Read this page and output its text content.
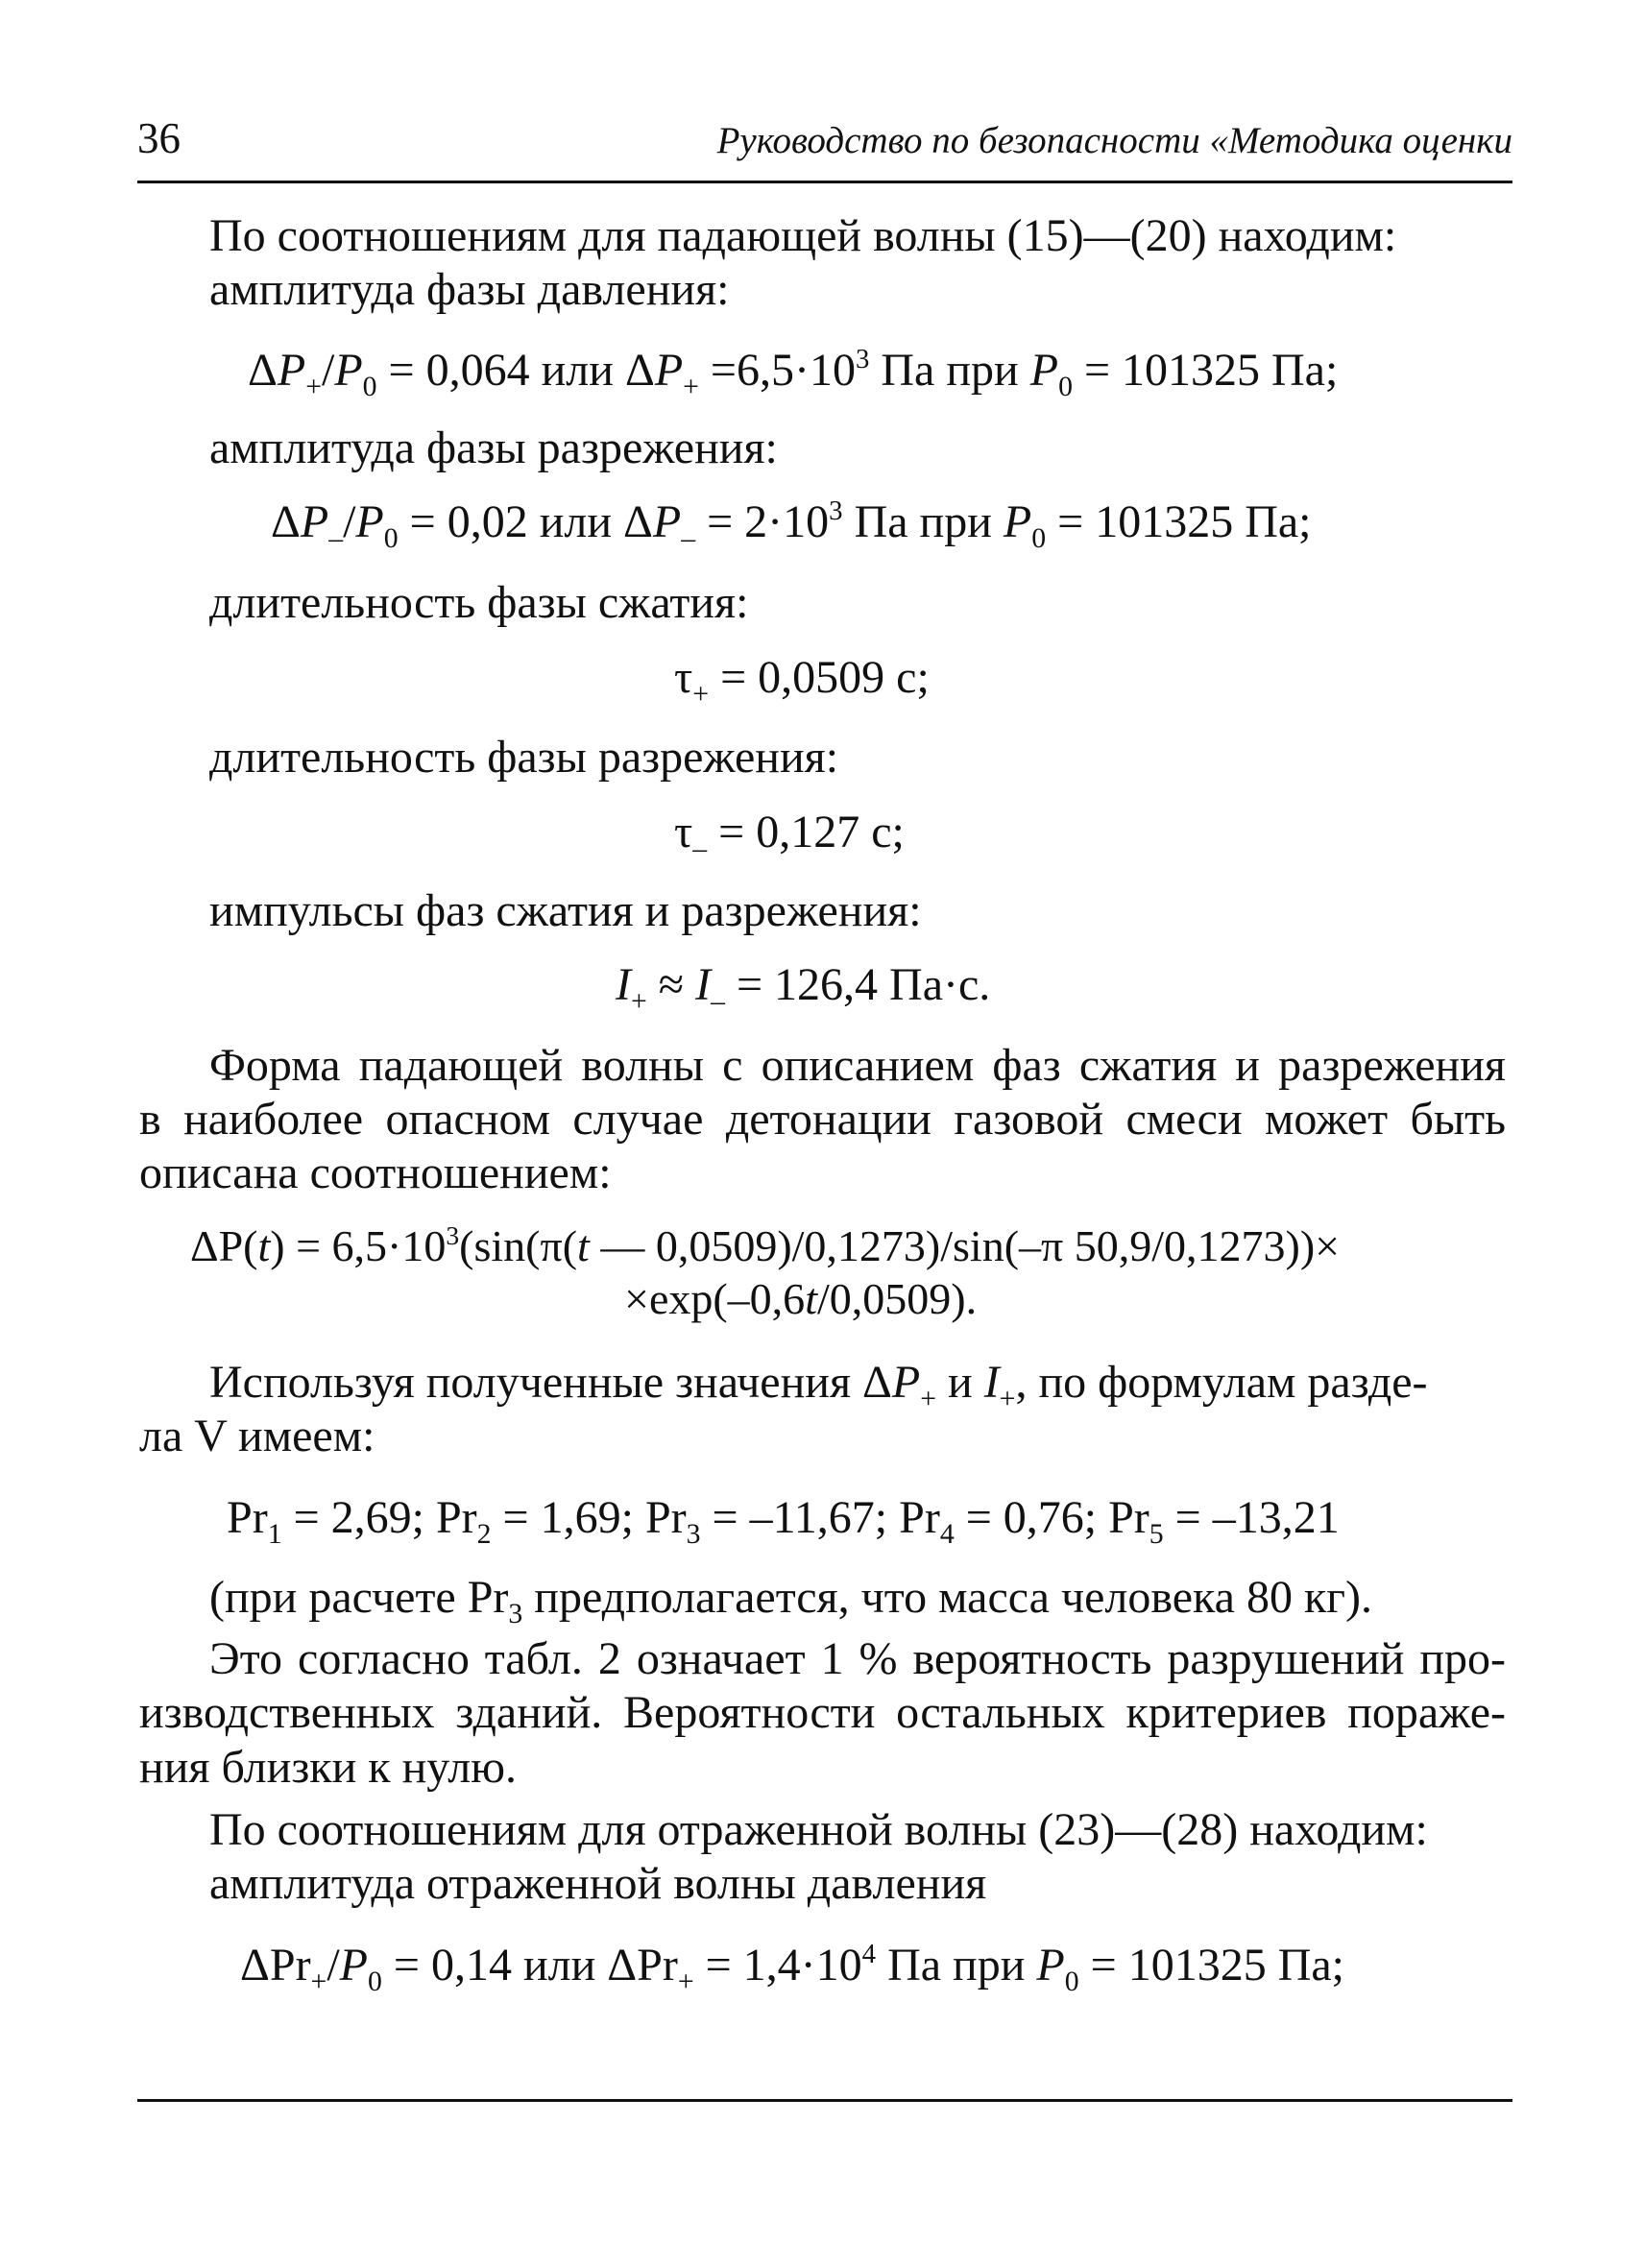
36	Руководство по безопасности «Методика оценки
По соотношениям для падающей волны (15)—(20) находим:
амплитуда фазы давления:
$\Delta P_+/P_0 = 0,064$ или $\Delta P_+ =6,5\cdot 10^3$ Па при $P_0 = 101325$ Па;
амплитуда фазы разрежения:
$\Delta P_-/P_0 = 0,02$ или $\Delta P_- = 2\cdot 10^3$ Па при $P_0 = 101325$ Па;
длительность фазы сжатия:
$\tau_+ = 0,0509$ с;
длительность фазы разрежения:
$\tau_- = 0,127$ с;
импульсы фаз сжатия и разрежения:
$I_+ \approx I_- = 126,4$ Па·с.
Форма падающей волны с описанием фаз сжатия и разрежения
в наиболее опасном случае детонации газовой смеси может быть
описана соотношением:
$\Delta P(t) = 6,5\cdot 10^3(\sin(\pi(t$ — 0,0509)/0,1273)/sin(–π 50,9/0,1273))×
×exp(–0,6t/0,0509).
Используя полученные значения $\Delta P_+$ и $I_+$, по формулам разде-
ла V имеем:
$Pr_1 = 2,69$; $Pr_2 = 1,69$; $Pr_3 = -11,67$; $Pr_4 = 0,76$; $Pr_5 = -13,21$
(при расчете $Pr_3$ предполагается, что масса человека 80 кг).
Это согласно табл. 2 означает 1 % вероятность разрушений про-
изводственных зданий. Вероятности остальных критериев пораже-
ния близки к нулю.
По соотношениям для отраженной волны (23)—(28) находим:
амплитуда отраженной волны давления
$\Delta Pr_+/P_0 = 0,14$ или $\Delta Pr_+ = 1,4\cdot 10^4$ Па при $P_0 = 101325$ Па;
